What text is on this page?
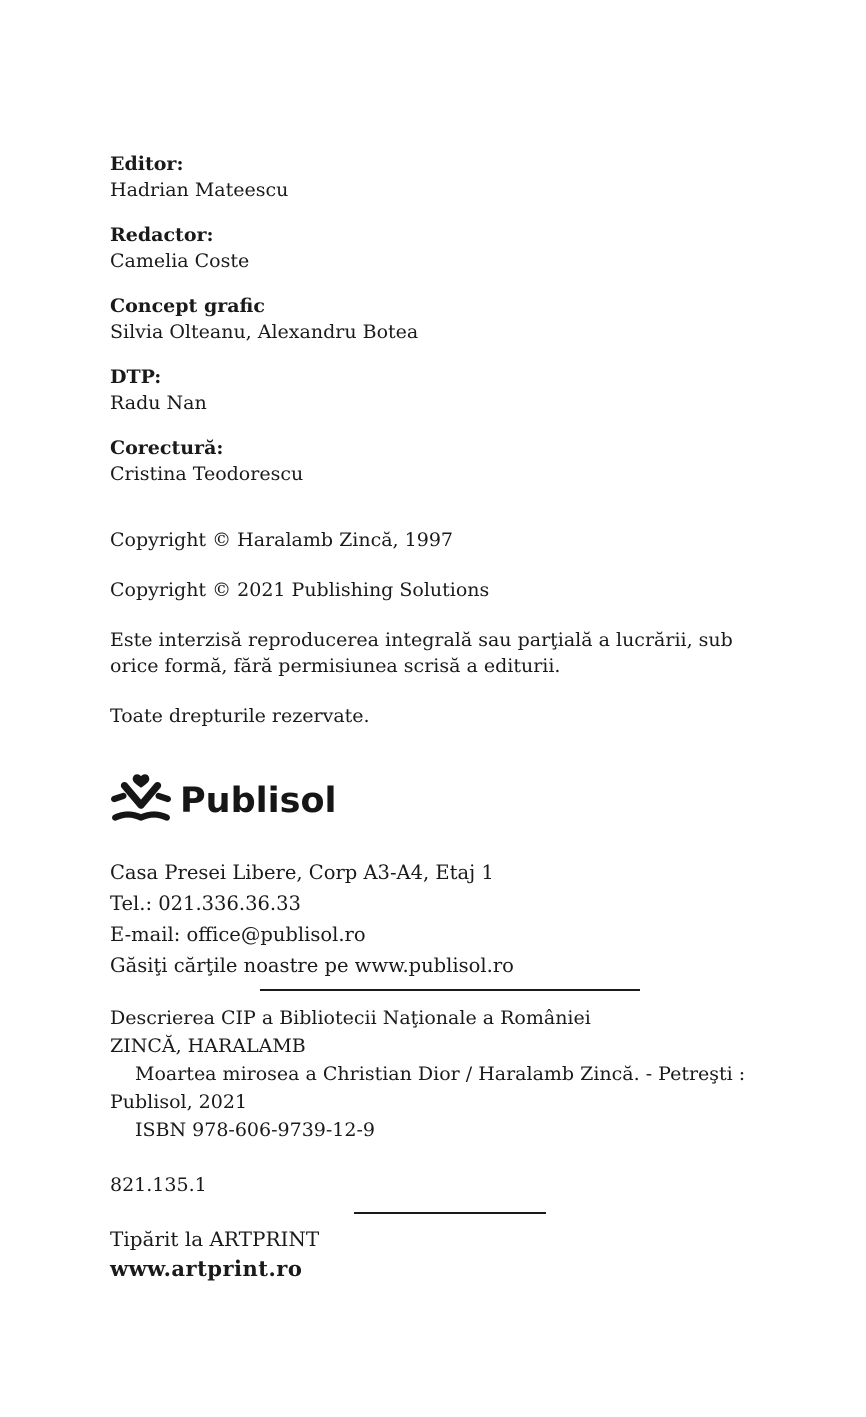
Editor:
Hadrian Mateescu
Redactor:
Camelia Coste
Concept grafic
Silvia Olteanu, Alexandru Botea
DTP:
Radu Nan
Corectură:
Cristina Teodorescu
Copyright © Haralamb Zincă, 1997
Copyright © 2021 Publishing Solutions
Este interzisă reproducerea integrală sau parţială a lucrării, sub
orice formă, fără permisiunea scrisă a editurii.
Toate drepturile rezervate.
Publisol
Casa Presei Libere, Corp A3-A4, Etaj 1
Tel.: 021.336.36.33
E-mail: office@publisol.ro
Găsiţi cărţile noastre pe www.publisol.ro
Descrierea CIP a Bibliotecii Naţionale a României
ZINCĂ, HARALAMB
Moartea mirosea a Christian Dior / Haralamb Zincă. - Petreşti :
Publisol, 2021
ISBN 978-606-9739-12-9
821.135.1
Tipărit la ARTPRINT
www.artprint.ro
